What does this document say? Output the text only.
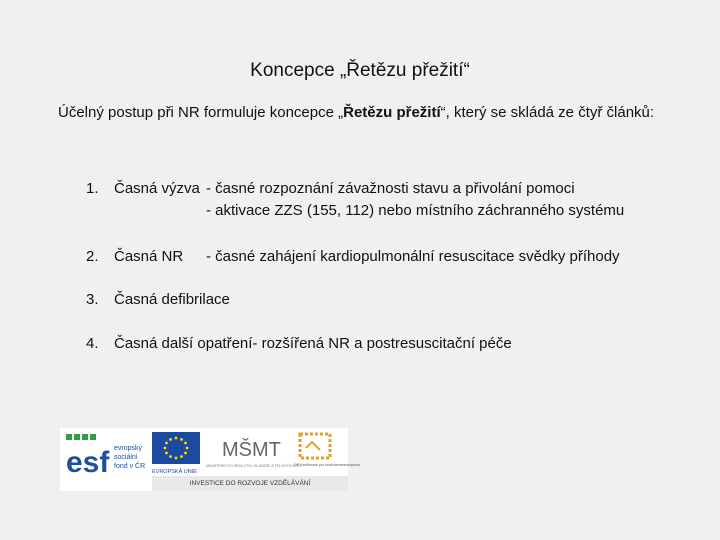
Koncepce „Řetězu přežití“
Účelný postup při NR formuluje koncepce „Řetězu přežití“, který se skládá ze čtyř článků:
1. Časná výzva - časné rozpoznání závažnosti stavu a přivolání pomoci
- aktivace ZZS (155, 112) nebo místního záchranného systému
2. Časná NR - časné zahájení kardiopulmonální resuscitace svědky příhody
3. Časná defibrilace
4. Časná další opatření- rozšířená NR a postresuscitační péče
esf evropský
sociální
fond v ČR
EVROPSKÁ UNIE
MŠMT
MINISTERSTVO ŠKOLSTVÍ, MLÁDEŽE A TĚLOVÝCHOVY
OP Vzdělávání pro konkurenceschopnost
INVESTICE DO ROZVOJE VZDĚLÁVÁNÍ
